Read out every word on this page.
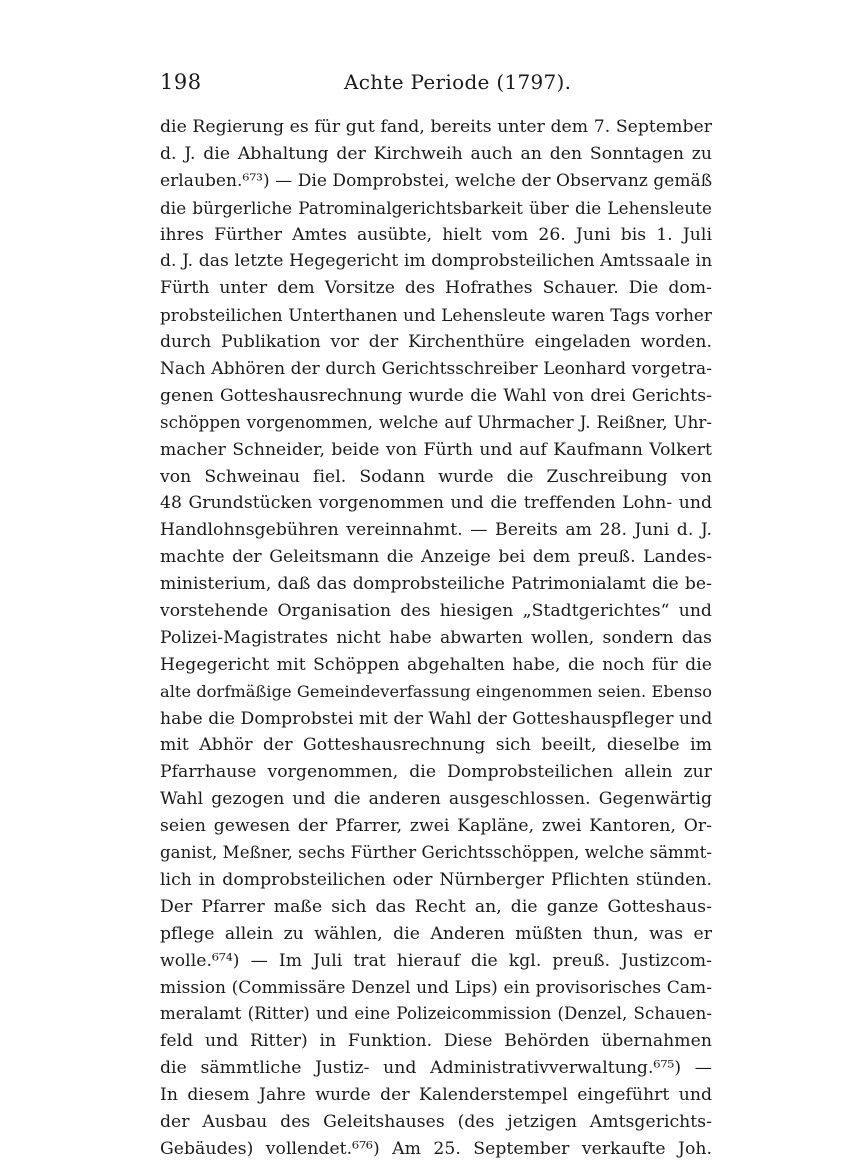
198	Achte Periode (1797).
die Regierung es für gut fand, bereits unter dem 7. September
d. J. die Abhaltung der Kirchweih auch an den Sonntagen zu
erlauben.⁶⁷³) — Die Domprobstei, welche der Observanz gemäß
die bürgerliche Patrominalgerichtsbarkeit über die Lehensleute
ihres Fürther Amtes ausübte, hielt vom 26. Juni bis 1. Juli
d. J. das letzte Hegegericht im domprobsteilichen Amtssaale in
Fürth unter dem Vorsitze des Hofrathes Schauer. Die dom-
probsteilichen Unterthanen und Lehensleute waren Tags vorher
durch Publikation vor der Kirchenthüre eingeladen worden.
Nach Abhören der durch Gerichtsschreiber Leonhard vorgetra-
genen Gotteshausrechnung wurde die Wahl von drei Gerichts-
schöppen vorgenommen, welche auf Uhrmacher J. Reißner, Uhr-
macher Schneider, beide von Fürth und auf Kaufmann Volkert
von Schweinau fiel. Sodann wurde die Zuschreibung von
48 Grundstücken vorgenommen und die treffenden Lohn- und
Handlohnsgebühren vereinnahmt. — Bereits am 28. Juni d. J.
machte der Geleitsmann die Anzeige bei dem preuß. Landes-
ministerium, daß das domprobsteiliche Patrimonialamt die be-
vorstehende Organisation des hiesigen „Stadtgerichtes“ und
Polizei-Magistrates nicht habe abwarten wollen, sondern das
Hegegericht mit Schöppen abgehalten habe, die noch für die
alte dorfmäßige Gemeindeverfassung eingenommen seien. Ebenso
habe die Domprobstei mit der Wahl der Gotteshauspfleger und
mit Abhör der Gotteshausrechnung sich beeilt, dieselbe im
Pfarrhause vorgenommen, die Domprobsteilichen allein zur
Wahl gezogen und die anderen ausgeschlossen. Gegenwärtig
seien gewesen der Pfarrer, zwei Kapläne, zwei Kantoren, Or-
ganist, Meßner, sechs Fürther Gerichtsschöppen, welche sämmt-
lich in domprobsteilichen oder Nürnberger Pflichten stünden.
Der Pfarrer maße sich das Recht an, die ganze Gotteshaus-
pflege allein zu wählen, die Anderen müßten thun, was er
wolle.⁶⁷⁴) — Im Juli trat hierauf die kgl. preuß. Justizcom-
mission (Commissäre Denzel und Lips) ein provisorisches Cam-
meralamt (Ritter) und eine Polizeicommission (Denzel, Schauen-
feld und Ritter) in Funktion. Diese Behörden übernahmen
die sämmtliche Justiz- und Administrativverwaltung.⁶⁷⁵) —
In diesem Jahre wurde der Kalenderstempel eingeführt und
der Ausbau des Geleitshauses (des jetzigen Amtsgerichts-
Gebäudes) vollendet.⁶⁷⁶) Am 25. September verkaufte Joh.
